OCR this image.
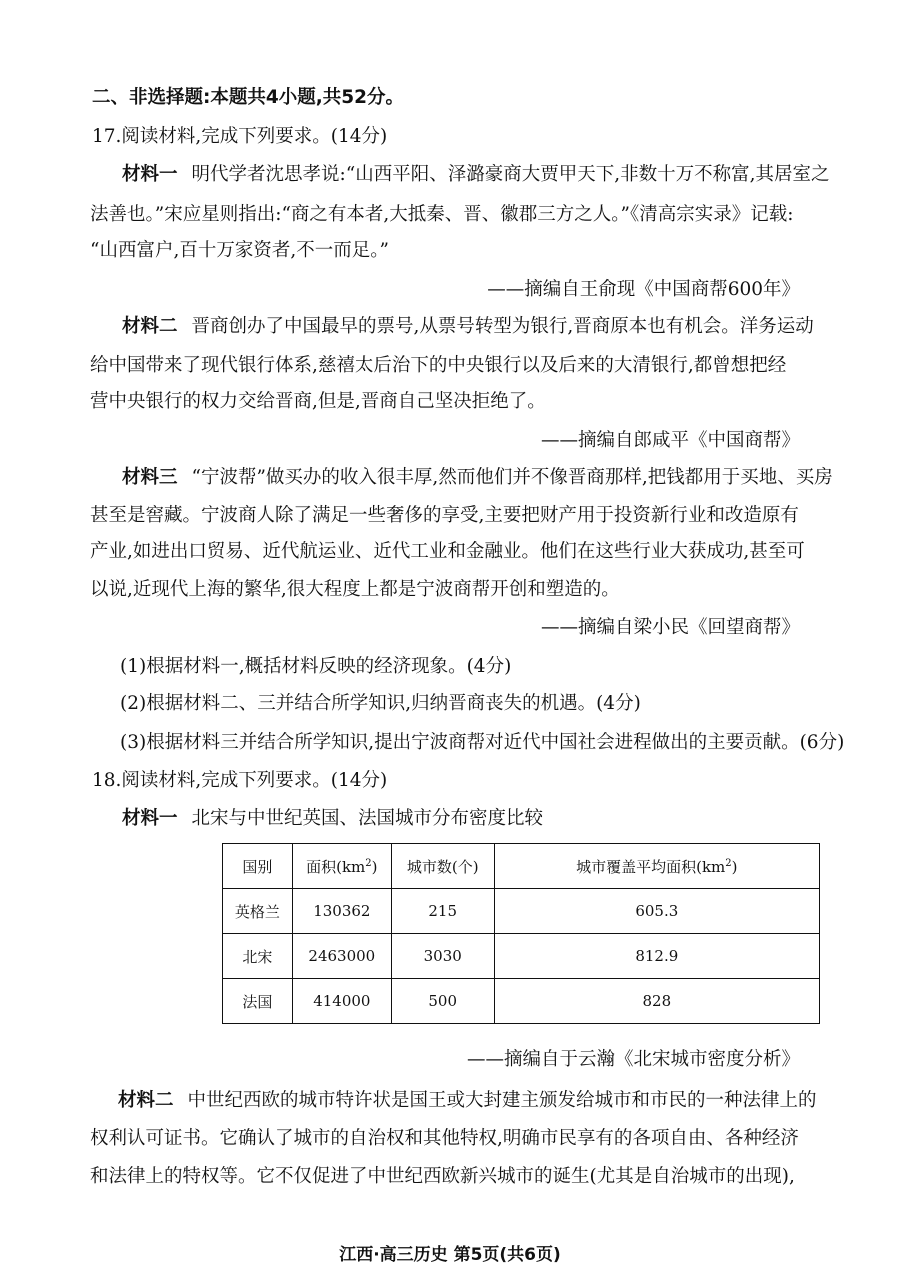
二、非选择题:本题共4小题,共52分。
17.阅读材料,完成下列要求。(14分)
材料一 明代学者沈思孝说:“山西平阳、泽潞豪商大贾甲天下,非数十万不称富,其居室之
法善也。”宋应星则指出:“商之有本者,大抵秦、晋、徽郡三方之人。”《清高宗实录》记载:
“山西富户,百十万家资者,不一而足。”
——摘编自王俞现《中国商帮600年》
材料二 晋商创办了中国最早的票号,从票号转型为银行,晋商原本也有机会。洋务运动
给中国带来了现代银行体系,慈禧太后治下的中央银行以及后来的大清银行,都曾想把经
营中央银行的权力交给晋商,但是,晋商自己坚决拒绝了。
——摘编自郎咸平《中国商帮》
材料三 “宁波帮”做买办的收入很丰厚,然而他们并不像晋商那样,把钱都用于买地、买房
甚至是窖藏。宁波商人除了满足一些奢侈的享受,主要把财产用于投资新行业和改造原有
产业,如进出口贸易、近代航运业、近代工业和金融业。他们在这些行业大获成功,甚至可
以说,近现代上海的繁华,很大程度上都是宁波商帮开创和塑造的。
——摘编自梁小民《回望商帮》
(1)根据材料一,概括材料反映的经济现象。(4分)
(2)根据材料二、三并结合所学知识,归纳晋商丧失的机遇。(4分)
(3)根据材料三并结合所学知识,提出宁波商帮对近代中国社会进程做出的主要贡献。(6分)
18.阅读材料,完成下列要求。(14分)
材料一 北宋与中世纪英国、法国城市分布密度比较
国别	面积$(km^2)$	城市数(个)	城市覆盖平均面积$(km^2)$
英格兰	130362	215	605.3
北宋	2463000	3030	812.9
法国	414000	500	828
——摘编自于云瀚《北宋城市密度分析》
材料二 中世纪西欧的城市特许状是国王或大封建主颁发给城市和市民的一种法律上的
权利认可证书。它确认了城市的自治权和其他特权,明确市民享有的各项自由、各种经济
和法律上的特权等。它不仅促进了中世纪西欧新兴城市的诞生(尤其是自治城市的出现),
江西·高三历史 第5页(共6页)
